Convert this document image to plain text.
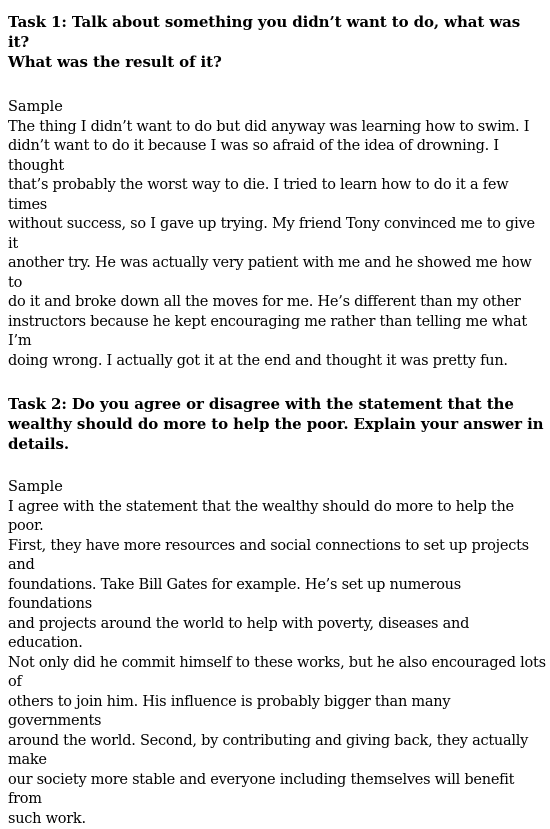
Task 1: Talk about something you didn’t want to do, what was it?
What was the result of it?

Sample

The thing I didn’t want to do but did anyway was learning how to swim. I
didn’t want to do it because I was so afraid of the idea of drowning. I thought
that’s probably the worst way to die. I tried to learn how to do it a few times
without success, so I gave up trying. My friend Tony convinced me to give it
another try. He was actually very patient with me and he showed me how to
do it and broke down all the moves for me. He’s different than my other
instructors because he kept encouraging me rather than telling me what I’m
doing wrong. I actually got it at the end and thought it was pretty fun.

Task 2: Do you agree or disagree with the statement that the
wealthy should do more to help the poor. Explain your answer in
details.

Sample

I agree with the statement that the wealthy should do more to help the poor.
First, they have more resources and social connections to set up projects and
foundations. Take Bill Gates for example. He’s set up numerous foundations
and projects around the world to help with poverty, diseases and education.
Not only did he commit himself to these works, but he also encouraged lots of
others to join him. His influence is probably bigger than many governments
around the world. Second, by contributing and giving back, they actually make
our society more stable and everyone including themselves will benefit from
such work.
